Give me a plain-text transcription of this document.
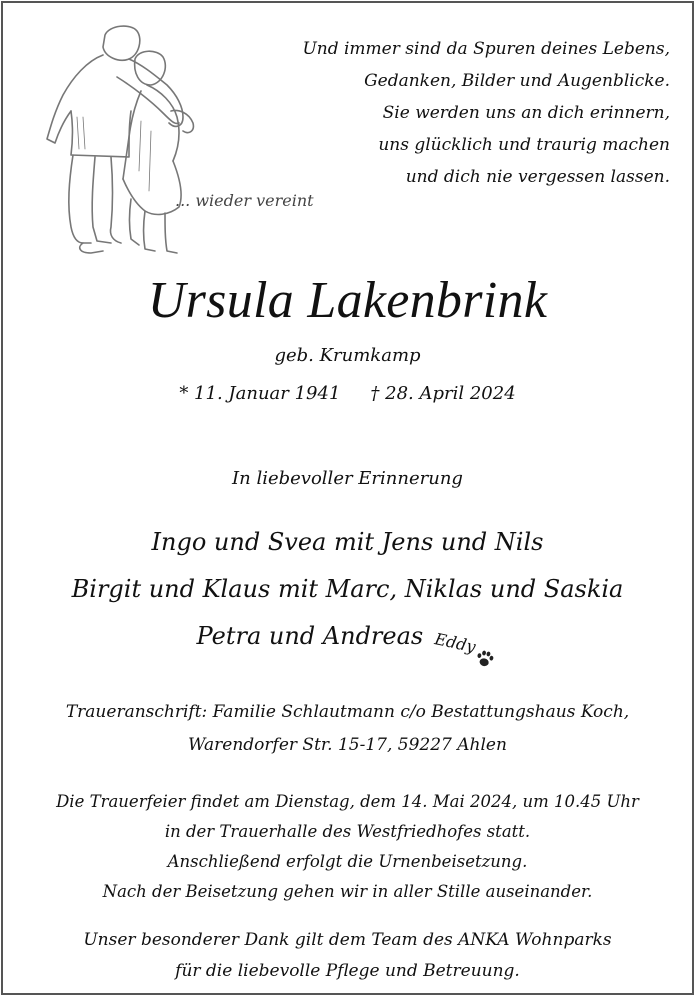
Und immer sind da Spuren deines Lebens,
Gedanken, Bilder und Augenblicke.
Sie werden uns an dich erinnern,
uns glücklich und traurig machen
und dich nie vergessen lassen.
... wieder vereint
Ursula Lakenbrink
geb. Krumkamp
* 11. Januar 1941 † 28. April 2024
In liebevoller Erinnerung
Ingo und Svea mit Jens und Nils
Birgit und Klaus mit Marc, Niklas und Saskia
Petra und Andreas Eddy
Traueranschrift: Familie Schlautmann c/o Bestattungshaus Koch,
Warendorfer Str. 15-17, 59227 Ahlen
Die Trauerfeier findet am Dienstag, dem 14. Mai 2024, um 10.45 Uhr
in der Trauerhalle des Westfriedhofes statt.
Anschließend erfolgt die Urnenbeisetzung.
Nach der Beisetzung gehen wir in aller Stille auseinander.
Unser besonderer Dank gilt dem Team des ANKA Wohnparks
für die liebevolle Pflege und Betreuung.
